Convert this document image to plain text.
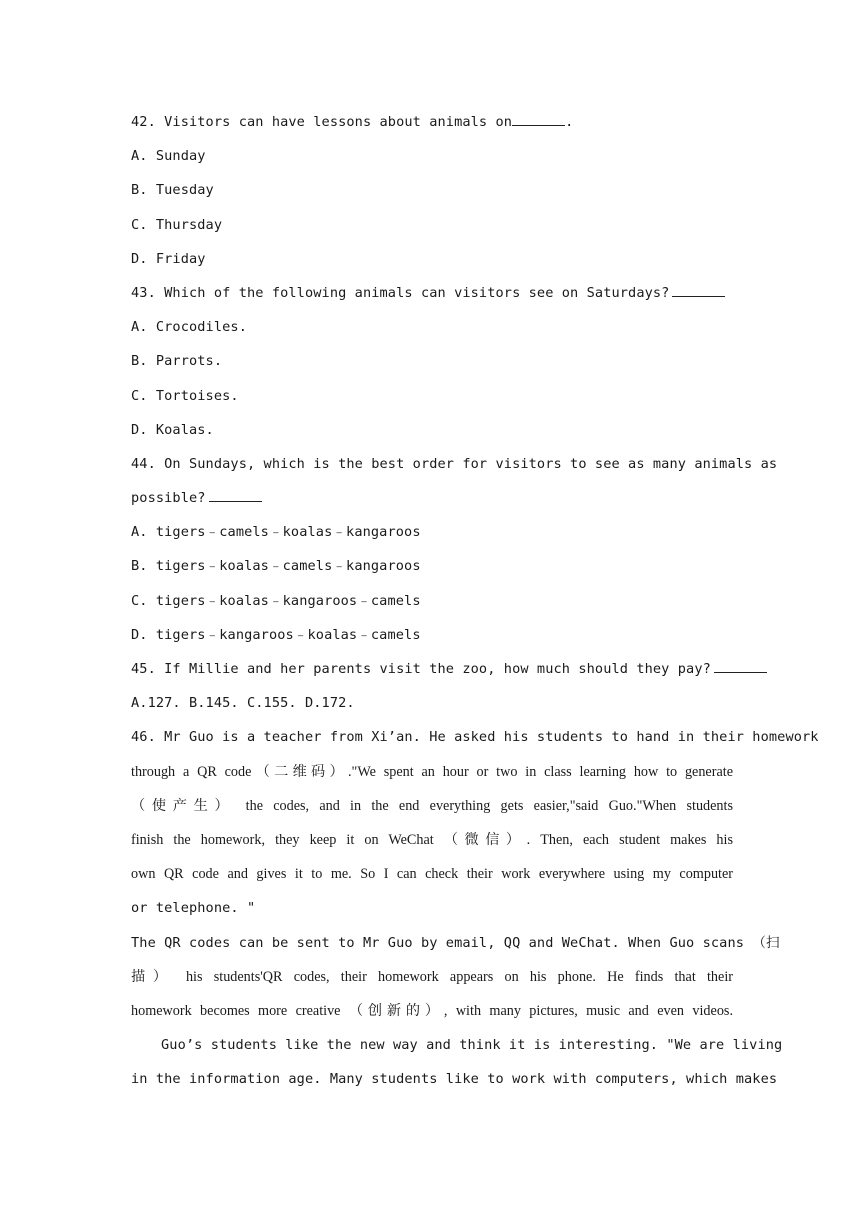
42. Visitors can have lessons about animals on	.
A. Sunday
B. Tuesday
C. Thursday
D. Friday
43. Which of the following animals can visitors see on Saturdays?
A. Crocodiles.
B. Parrots.
C. Tortoises.
D. Koalas.
44. On Sundays, which is the best order for visitors to see as many animals as
possible?
A. tigers﹣camels﹣koalas﹣kangaroos
B. tigers﹣koalas﹣camels﹣kangaroos
C. tigers﹣koalas﹣kangaroos﹣camels
D. tigers﹣kangaroos﹣koalas﹣camels
45. If Millie and her parents visit the zoo, how much should they pay?
A.127. B.145. C.155. D.172.
46. Mr Guo is a teacher from Xi’an. He asked his students to hand in their homework
through a QR code（二维码）."We spent an hour or two in class learning how to generate
（使产生） the codes, and in the end everything gets easier,"said Guo."When students
finish the homework, they keep it on WeChat （微信）. Then, each student makes his
own QR code and gives it to me. So I can check their work everywhere using my computer
or telephone. "
The QR codes can be sent to Mr Guo by email, QQ and WeChat. When Guo scans （扫
描） his students'QR codes, their homework appears on his phone. He finds that their
homework becomes more creative （创新的）, with many pictures, music and even videos.
Guo’s students like the new way and think it is interesting. "We are living
in the information age. Many students like to work with computers, which makes
